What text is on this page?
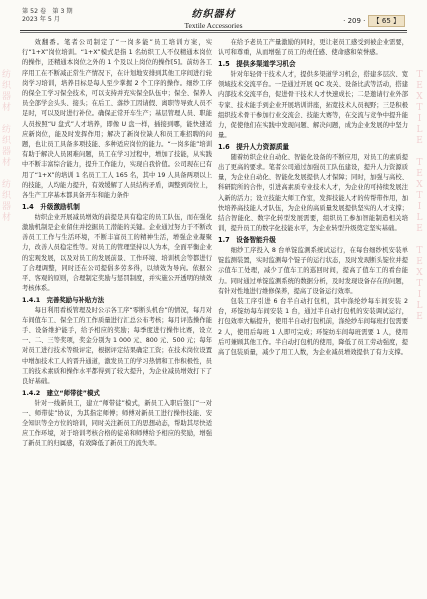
第 52 卷　第 3 期
2023 年 5 月	纺织器材
Textile Accessories	· 209 · 【 65 】
纺
织
器
材

纺
织
器
材

纺
织
器
材

T
E
X
T
I
L
E

T
E
X
T
I
L
E

T
E
X
T
I
L
E

效翻番。笔者公司制定了“一岗多能”员工培训方案，实行“1+X”岗位培训。“1+X”模式是指 1 名纺织工人不仅精通本岗位的操作，还精通本岗位之外的 1 个及以上岗位的操作[5]。前纺各工序用工在不断减正常生产情况下，在计划地安排到其他工序间进行轮岗学习培训，培养目标是每人至少掌握 2 个工序的操作。细纱工序的保全工学习保全技术，可以支持并充实保全队伍中；保全、保养人员全部学会头头、接头；在后工、落纱工因请假、离职等导致人员不足时，可以及时进行补位。确保正常开车生产；基层管理人员、职能人员按照“U 盘式”人才培养，即像 U 盘一样，插接到哪，能快速适应新岗位，能及时发挥作用；解决了新岗位缺人和员工难招聘的问题，也让员工具备多项技能、多种适应岗位的能力。“一岗多能”培训有助于解决人员困难问题，员工在学习过程中，增加了技能，从实践中不断丰富综合能力，提升工作能力，实现自我价值。公司现在已有用了“1+X”的培训 1 名员工工人 165 名，其中 19 人具备两项以上的技能，人均能力提升，有效缓解了人员结构矛盾，调整到岗位上，各生产工序基本都具备开车和能力条件

1.4　升级激励机制

纺织企业开展减员增效的前提是具有稳定的员工队伍，而在强化激励机制是企业留住并挖掘员工潜能的关键。企业通过努力于不断改善员工工作与生活环境，不断丰富员工的精神生活，增强企业凝聚力，改善人员稳定性等。对员工的管理坚持以人为本，全面平衡企业的宏观发展，以及对员工的发展前景、工作环境、培训机会等都进行了合理调整，同时还在公司提倡多劳多得，以绩效为导向。依据公平、客观的原则，合理制定奖励与惩罚制度，并实施公开透明的绩效考核体系。

1.4.1　完善奖励与补贴方法

每日利用看板管理及时公示各工序“零断头机台”的情况，每月对车间值车工、保全工的工作质量进行汇总公布考核；每月评选操作能手、设备维护能手，给予相应的奖励；每季度进行操作比赛，设立一、二、三等奖项，奖金分别为 1 000 元、800 元、500 元；每年对员工进行技术等级评定，根据评定结果确定工资；在技术岗位设置中增加技术工人的晋升通道，激发员工的学习热情和工作积极性，员工的技术素质和操作水平都得到了较大提升，为企业减员增效打下了良好基础。

1.4.2　建立“师带徒”模式

针对一线新员工，建立“师带徒”模式，新员工入职后签订“一对一、师带徒”协议，为其指定师傅；师傅对新员工进行操作技能、安全知识等全方位的培训，同时关注新员工的思想动态，帮助其尽快适应工作环境，对于培训考核合格的徒弟和师傅给予相应的奖励，增强了新员工的归属感，有效降低了新员工的流失率。

在给予老员工产量激励的同时，更让老员工感受到被企业需要，认可和尊重，从而增强了员工的责任感、使命感和荣誉感。

1.5　提供多渠道学习机会

针对年轻骨干技术人才，提供多渠道学习机会，搭建多层次、宽领域技术交流平台。一是通过开展 QC 攻关、设备比武等活动，搭建内部技术交流平台，促进骨干技术人才快速成长；二是邀请行业外部专家、技术能手到企业开展培训讲座，拓宽技术人员视野；三是积极组织技术骨干参加行业交流会、技能大赛等，在交流与竞争中提升能力，促使他们在实践中发现问题、解决问题，成为企业发展的中坚力量。

1.6　提升人力资源质量

随着纺织企业自动化、智能化设备的不断应用，对员工的素质提出了更高的要求。笔者公司通过加强员工队伍建设，提升人力资源质量，为企业自动化、智能化发展提供人才保障；同时，加强与高校、科研院所的合作，引进高素质专业技术人才，为企业的可持续发展注入新的活力；设立技能大师工作室，发挥技能人才的传帮带作用，加快培养高技能人才队伍，为企业的高质量发展提供坚实的人才支撑；结合智能化、数字化转型发展需要，组织员工参加智能制造相关培训，提升员工的数字化技能水平，为企业转型升级奠定坚实基础。

1.7　设备智能升级

细纱工序投入 8 台单锭监测系统试运行，在每台细纱机安装单锭监测装置，实时监测每个锭子的运行状态，及时发现断头锭位并提示值车工处理，减少了值车工的巡回时间，提高了值车工的看台能力。同时通过单锭监测系统的数据分析，及时发现设备存在的问题，有针对性地进行维修保养，提高了设备运行效率。

包装工序引进 6 台半自动打包机，其中涤纶纱每车间安装 2 台，环锭纺每车间安装 1 台，通过半自动打包机的安装调试运行，打包效率大幅提升，使用半自动打包机前，涤纶纱车间每班打包需要 2 人，使用后每班 1 人即可完成；环锭纺车间每班需要 1 人，使用后可兼顾其他工作。半自动打包机的使用，降低了员工劳动强度，提高了包装质量，减少了用工人数，为企业减员增效提供了有力支撑。
